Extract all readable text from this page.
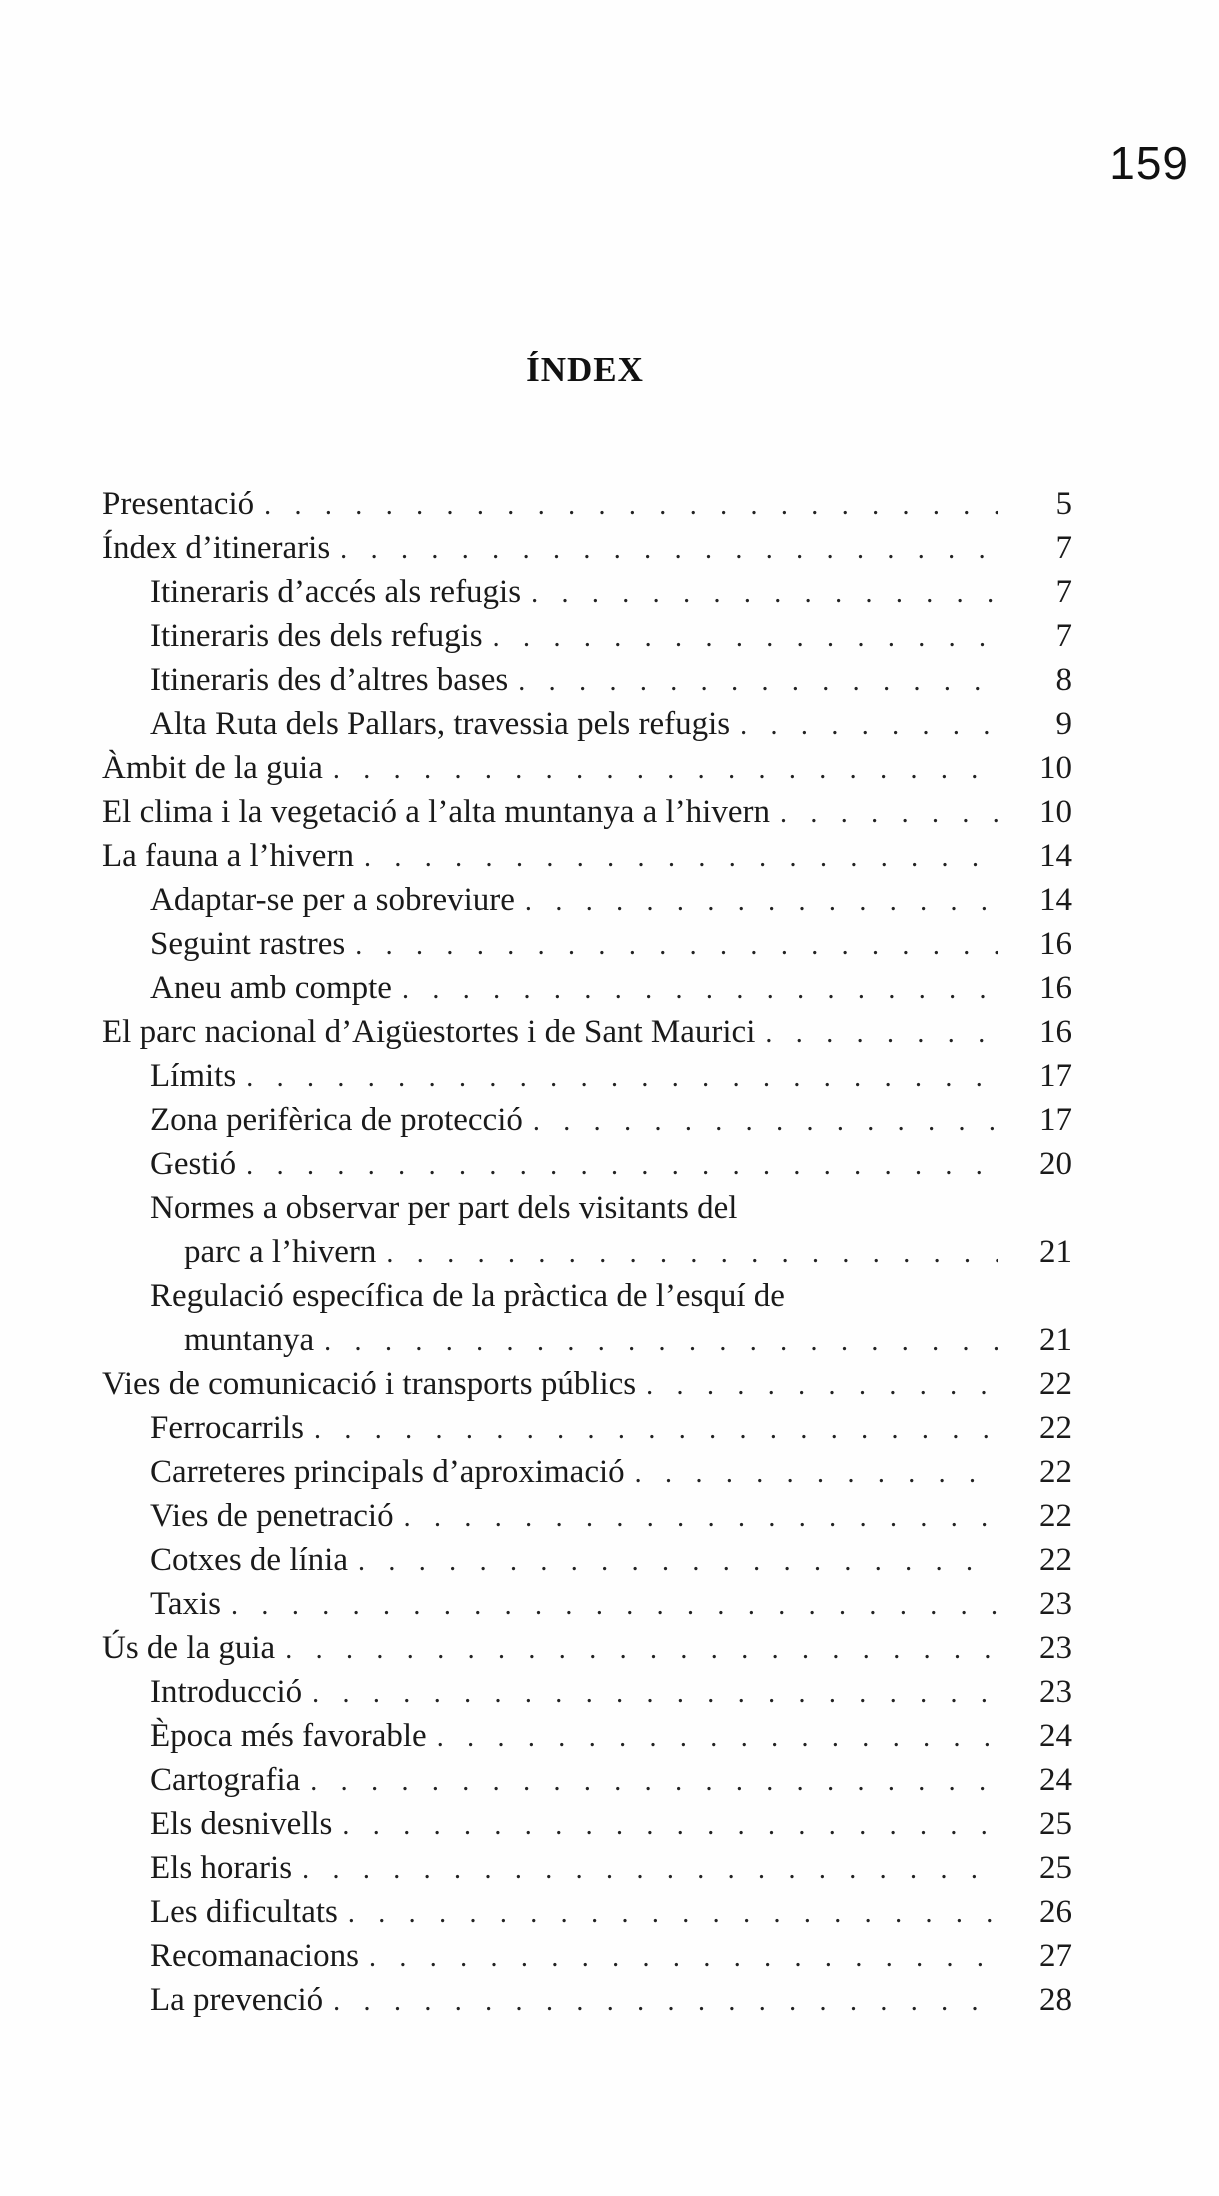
159
ÍNDEX
Presentació . . .	5
Índex d’itineraris . . .	7
Itineraris d’accés als refugis . . .	7
Itineraris des dels refugis . . .	7
Itineraris des d’altres bases . . .	8
Alta Ruta dels Pallars, travessia pels refugis . . .	9
Àmbit de la guia . . .	10
El clima i la vegetació a l’alta muntanya a l’hivern . . .	10
La fauna a l’hivern . . .	14
Adaptar-se per a sobreviure . . .	14
Seguint rastres . . .	16
Aneu amb compte . . .	16
El parc nacional d’Aigüestortes i de Sant Maurici . . .	16
Límits . . .	17
Zona perifèrica de protecció . . .	17
Gestió . . .	20
Normes a observar per part dels visitants del
parc a l’hivern . . .	21
Regulació específica de la pràctica de l’esquí de
muntanya . . .	21
Vies de comunicació i transports públics . . .	22
Ferrocarrils . . .	22
Carreteres principals d’aproximació . . .	22
Vies de penetració . . .	22
Cotxes de línia . . .	22
Taxis . . .	23
Ús de la guia . . .	23
Introducció . . .	23
Època més favorable . . .	24
Cartografia . . .	24
Els desnivells . . .	25
Els horaris . . .	25
Les dificultats . . .	26
Recomanacions . . .	27
La prevenció . . .	28
